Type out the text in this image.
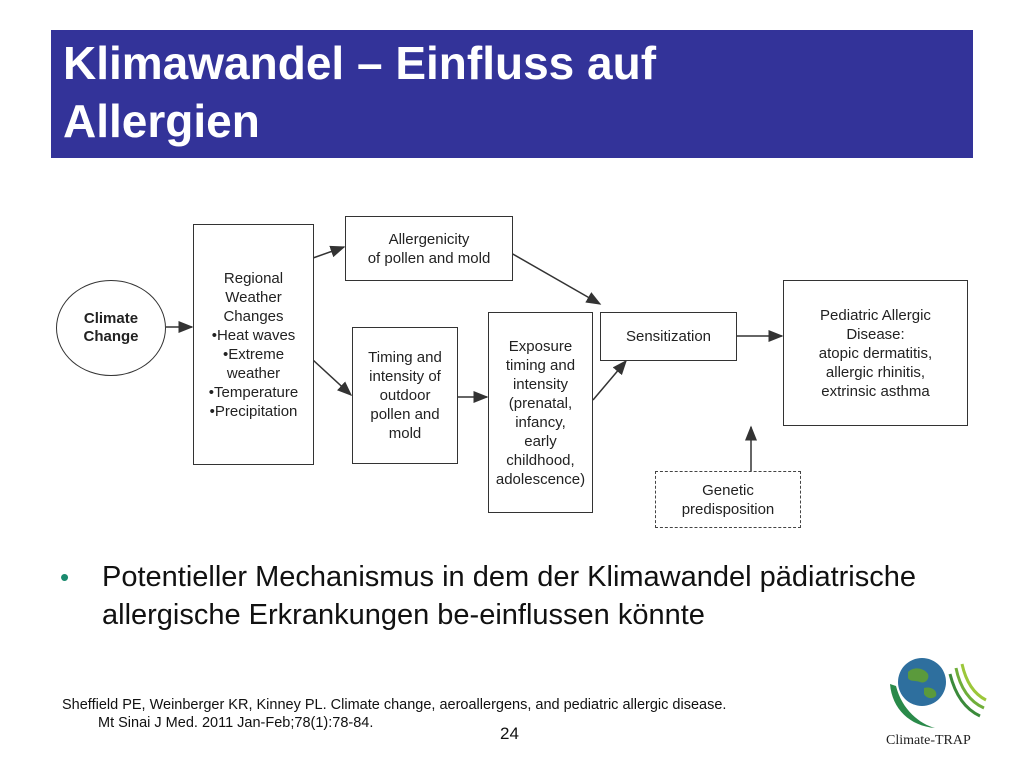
Klimawandel – Einfluss auf
Allergien
Climate
Change
Regional
Weather
Changes
•Heat waves
•Extreme
weather
•Temperature
•Precipitation
Allergenicity
of pollen and mold
Timing and
intensity of
outdoor
pollen and
mold
Exposure
timing and
intensity
(prenatal,
infancy,
early
childhood,
adolescence)
Sensitization
Pediatric Allergic
Disease:
atopic dermatitis,
allergic rhinitis,
extrinsic asthma
Genetic
predisposition
• Potentieller Mechanismus in dem der Klimawandel pädiatrische allergische Erkrankungen be-einflussen könnte
Sheffield PE, Weinberger KR, Kinney PL. Climate change, aeroallergens, and pediatric allergic disease.
Mt Sinai J Med. 2011 Jan-Feb;78(1):78-84.
24	Climate-TRAP
